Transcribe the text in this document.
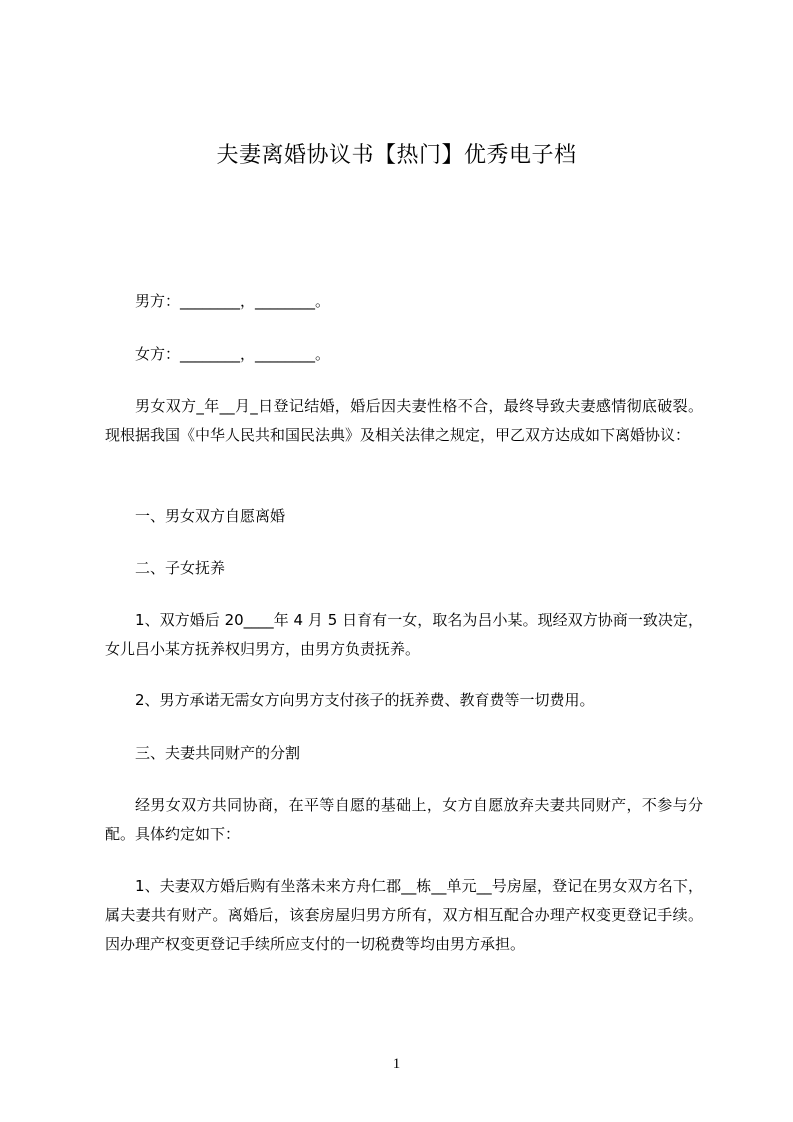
夫妻离婚协议书【热门】优秀电子档
男方：________，________。
女方：________，________。
男女双方_年__月_日登记结婚，婚后因夫妻性格不合，最终导致夫妻感情彻底破裂。现根据我国《中华人民共和国民法典》及相关法律之规定，甲乙双方达成如下离婚协议：
一、男女双方自愿离婚
二、子女抚养
1、双方婚后 20____年 4 月 5 日育有一女，取名为吕小某。现经双方协商一致决定，女儿吕小某方抚养权归男方，由男方负责抚养。
2、男方承诺无需女方向男方支付孩子的抚养费、教育费等一切费用。
三、夫妻共同财产的分割
经男女双方共同协商，在平等自愿的基础上，女方自愿放弃夫妻共同财产，不参与分配。具体约定如下：
1、夫妻双方婚后购有坐落未来方舟仁郡__栋__单元__号房屋，登记在男女双方名下，属夫妻共有财产。离婚后，该套房屋归男方所有，双方相互配合办理产权变更登记手续。因办理产权变更登记手续所应支付的一切税费等均由男方承担。
1
